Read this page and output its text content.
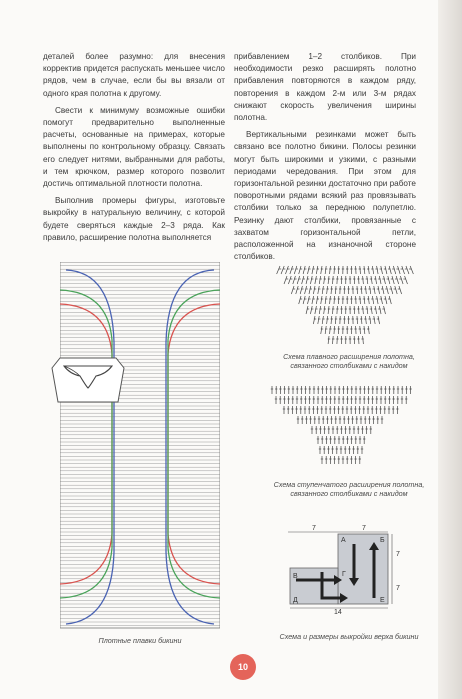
деталей более разумно: для внесения корректив придется распускать меньшее число рядов, чем в случае, если бы вы вязали от одного края полотна к другому.

Свести к минимуму возможные ошибки помогут предварительно выполненные расчеты, основанные на примерах, которые выполнены по контрольному образцу. Связать его следует нитями, выбранными для работы, и тем крючком, размер которого позволит достичь оптимальной плотности полотна.

Выполнив промеры фигуры, изготовьте выкройку в натуральную величину, с которой будете сверяться каждые 2–3 ряда. Как правило, расширение полотна выполняется

прибавлением 1–2 столбиков. При необходимости резко расширять полотно прибавления повторяются в каждом ряду, повторения в каждом 2-м или 3-м рядах снижают скорость увеличения ширины полотна.

Вертикальными резинками может быть связано все полотно бикини. Полосы резинки могут быть широкими и узкими, с разными периодами чередования. При этом для горизонтальной резинки достаточно при работе поворотными рядами всякий раз провязывать столбики только за переднюю полупетлю. Резинку дают столбики, провязанные с захватом горизонтальной петли, расположенной на изнаночной стороне столбиков.

Плотные плавки бикини
Схема плавного расширения полотна, связанного столбиками с накидом
Схема ступенчатого расширения полотна, связанного столбиками с накидом
7	7
7
7
14
А	Б
В	Г
Д	Е
Схема и размеры выкройки верха бикини
10
